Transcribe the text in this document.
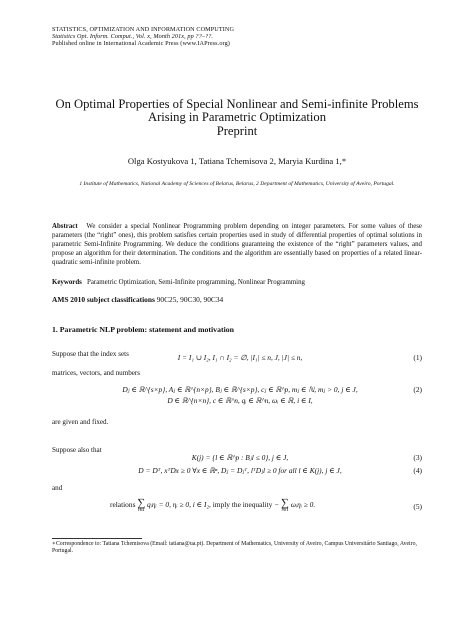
STATISTICS, OPTIMIZATION AND INFORMATION COMPUTING
Statistics Opt. Inform. Comput., Vol. x, Month 201x, pp ??–??.
Published online in International Academic Press (www.IAPress.org)
On Optimal Properties of Special Nonlinear and Semi-infinite Problems
Arising in Parametric Optimization
Preprint
Olga Kostyukova 1, Tatiana Tchemisova 2, Maryia Kurdina 1,*
1 Institute of Mathematics, National Academy of Sciences of Belarus, Belarus, 2 Department of Mathematics, University of Aveiro, Portugal.
Abstract We consider a special Nonlinear Programming problem depending on integer parameters. For some values of these parameters (the “right” ones), this problem satisfies certain properties used in study of differential properties of optimal solutions in parametric Semi-Infinite Programming. We deduce the conditions guaranteing the existence of the “right” parameters values, and propose an algorithm for their determination. The conditions and the algorithm are essentially based on properties of a related linear-quadratic semi-infinite problem.
Keywords Parametric Optimization, Semi-Infinite programming, Nonlinear Programming
AMS 2010 subject classifications 90C25, 90C30, 90C34
1. Parametric NLP problem: statement and motivation
Suppose that the index sets	I = I₁ ∪ I₂, I₁ ∩ I₂ = ∅, |I₁| ≤ n, J, |J| ≤ n,	(1)
matrices, vectors, and numbers
Dⱼ ∈ ℝ^{s×p}, Aⱼ ∈ ℝ^{n×p}, Bⱼ ∈ ℝ^{s×p}, cⱼ ∈ ℝ^p, mⱼ ∈ ℕ, mⱼ > 0, j ∈ J,
D ∈ ℝ^{n×n}, c ∈ ℝ^n, qᵢ ∈ ℝ^n, ωᵢ ∈ ℝ, i ∈ I,
(2)
are given and fixed.
Suppose also that
K(j) = {l ∈ ℝ^p : Bⱼl ≤ 0}, j ∈ J,	(3)
D = Dᵀ, xᵀDx ≥ 0 ∀x ∈ ℝⁿ, Dⱼ = Dⱼᵀ, lᵀDⱼl ≥ 0 for all l ∈ K(j), j ∈ J,	(4)
and
relations ∑
i∈I
qᵢηᵢ = 0, ηᵢ ≥ 0, i ∈ I₂, imply the inequality − ∑
i∈I
ωᵢηᵢ ≥ 0.	(5)
∗Correspondence to: Tatiana Tchemisova (Email: tatiana@ua.pt). Department of Mathematics, University of Aveiro, Campus Universitário Santiago, Aveiro, Portugal.
